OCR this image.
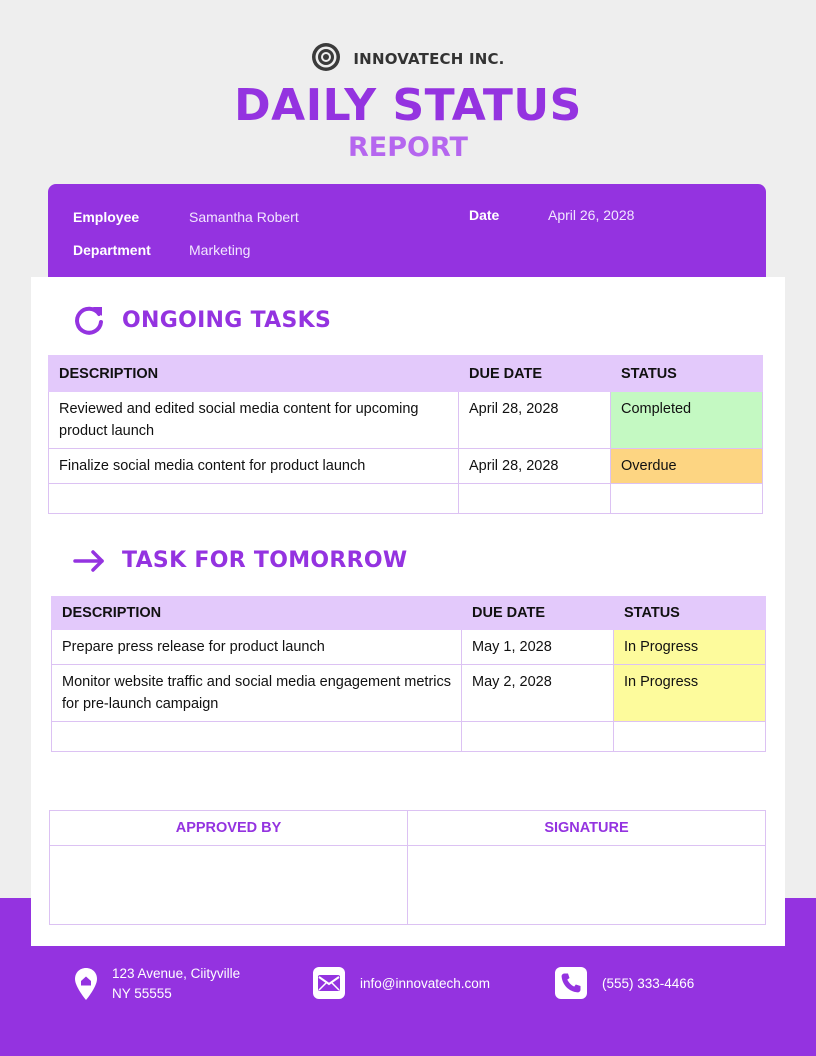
INNOVATECH INC.
DAILY STATUS
REPORT
Employee	Samantha Robert
Department	Marketing
Date	April 26, 2028
ONGOING TASKS
DESCRIPTION	DUE DATE	STATUS
Reviewed and edited social media content for upcoming product launch	April 28, 2028	Completed
Finalize social media content for product launch	April 28, 2028	Overdue

TASK FOR TOMORROW
DESCRIPTION	DUE DATE	STATUS
Prepare press release for product launch	May 1, 2028	In Progress
Monitor website traffic and social media engagement metrics for pre-launch campaign	May 2, 2028	In Progress

APPROVED BY	SIGNATURE

123 Avenue, Ciityville
NY 55555
info@innovatech.com	(555) 333-4466
